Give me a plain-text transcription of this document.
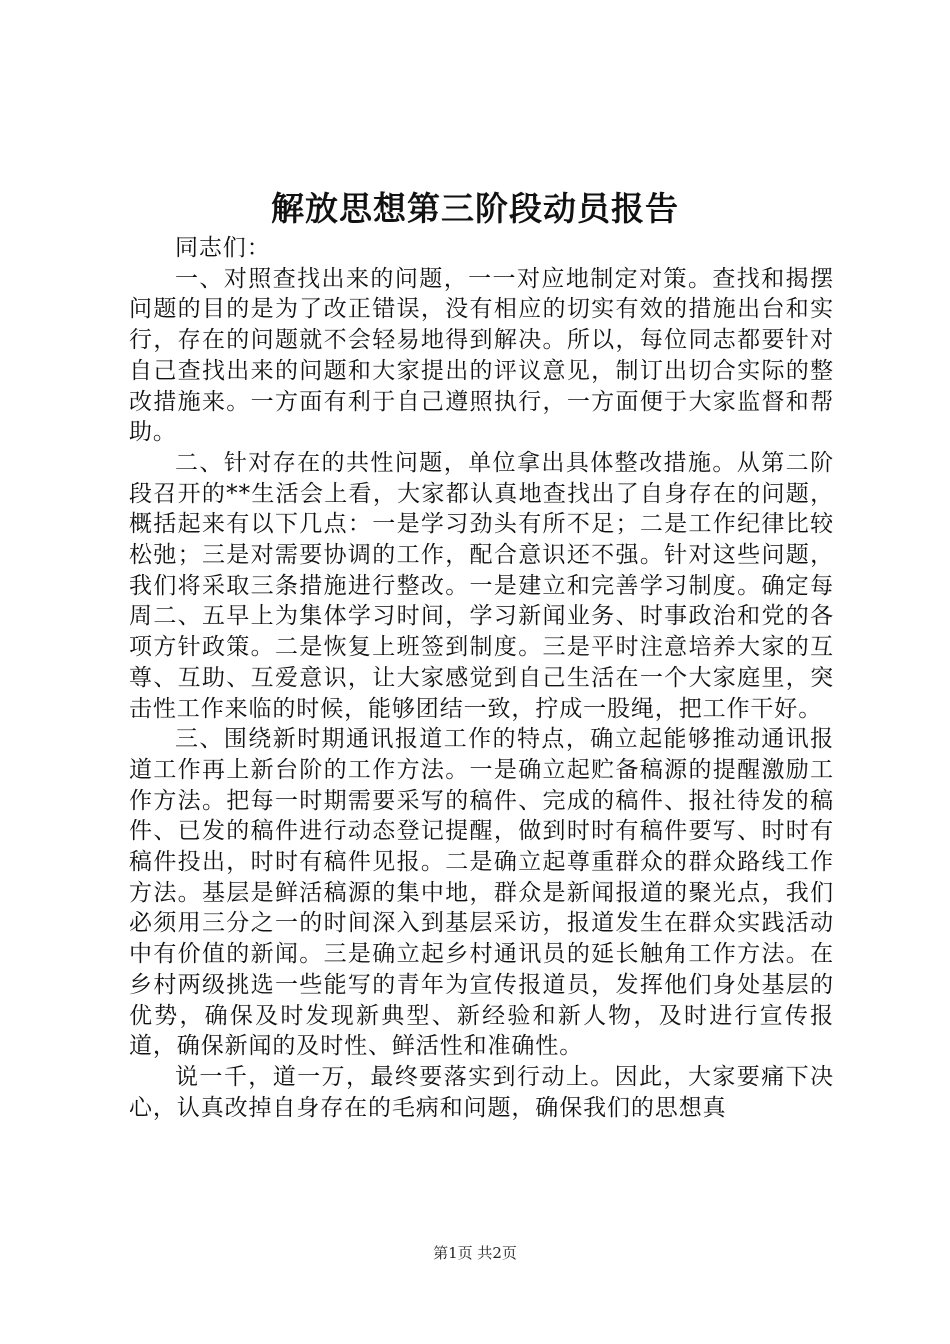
解放思想第三阶段动员报告

同志们：

一、对照查找出来的问题，一一对应地制定对策。查找和揭摆问题的目的是为了改正错误，没有相应的切实有效的措施出台和实行，存在的问题就不会轻易地得到解决。所以，每位同志都要针对自己查找出来的问题和大家提出的评议意见，制订出切合实际的整改措施来。一方面有利于自己遵照执行，一方面便于大家监督和帮助。

二、针对存在的共性问题，单位拿出具体整改措施。从第二阶段召开的**生活会上看，大家都认真地查找出了自身存在的问题，概括起来有以下几点：一是学习劲头有所不足；二是工作纪律比较松弛；三是对需要协调的工作，配合意识还不强。针对这些问题，我们将采取三条措施进行整改。一是建立和完善学习制度。确定每周二、五早上为集体学习时间，学习新闻业务、时事政治和党的各项方针政策。二是恢复上班签到制度。三是平时注意培养大家的互尊、互助、互爱意识，让大家感觉到自己生活在一个大家庭里，突击性工作来临的时候，能够团结一致，拧成一股绳，把工作干好。

三、围绕新时期通讯报道工作的特点，确立起能够推动通讯报道工作再上新台阶的工作方法。一是确立起贮备稿源的提醒激励工作方法。把每一时期需要采写的稿件、完成的稿件、报社待发的稿件、已发的稿件进行动态登记提醒，做到时时有稿件要写、时时有稿件投出，时时有稿件见报。二是确立起尊重群众的群众路线工作方法。基层是鲜活稿源的集中地，群众是新闻报道的聚光点，我们必须用三分之一的时间深入到基层采访，报道发生在群众实践活动中有价值的新闻。三是确立起乡村通讯员的延长触角工作方法。在乡村两级挑选一些能写的青年为宣传报道员，发挥他们身处基层的优势，确保及时发现新典型、新经验和新人物，及时进行宣传报道，确保新闻的及时性、鲜活性和准确性。

说一千，道一万，最终要落实到行动上。因此，大家要痛下决心，认真改掉自身存在的毛病和问题，确保我们的思想真

第1页 共2页
